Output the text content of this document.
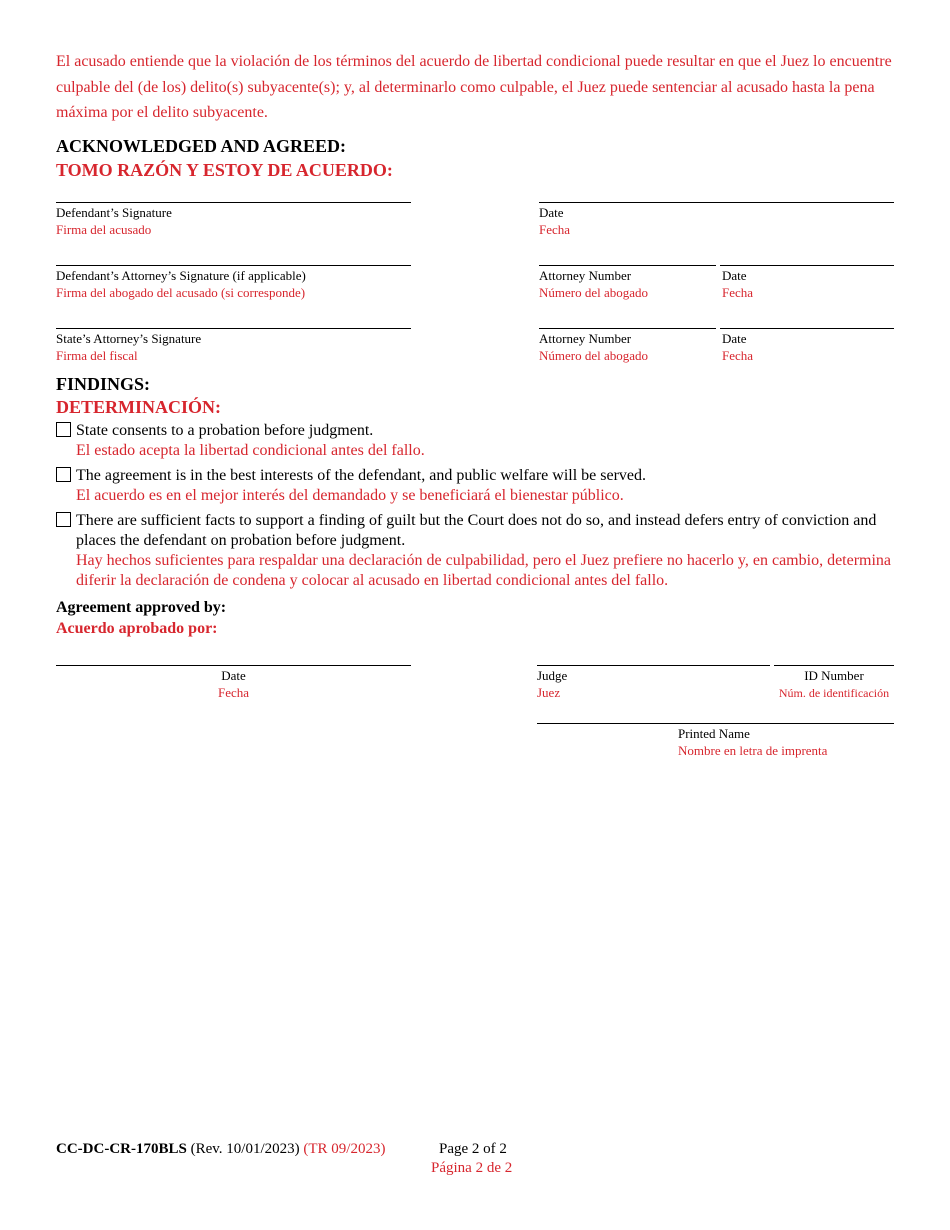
El acusado entiende que la violación de los términos del acuerdo de libertad condicional puede resultar en que el Juez lo encuentre culpable del (de los) delito(s) subyacente(s); y, al determinarlo como culpable, el Juez puede sentenciar al acusado hasta la pena máxima por el delito subyacente.
ACKNOWLEDGED AND AGREED:
TOMO RAZÓN Y ESTOY DE ACUERDO:
Defendant’s Signature
Firma del acusado
Date
Fecha
Defendant’s Attorney’s Signature (if applicable)
Firma del abogado del acusado (si corresponde)
Attorney Number
Número del abogado
Date
Fecha
State’s Attorney’s Signature
Firma del fiscal
Attorney Number
Número del abogado
Date
Fecha
FINDINGS:
DETERMINACIÓN:
State consents to a probation before judgment.
El estado acepta la libertad condicional antes del fallo.
The agreement is in the best interests of the defendant, and public welfare will be served.
El acuerdo es en el mejor interés del demandado y se beneficiará el bienestar público.
There are sufficient facts to support a finding of guilt but the Court does not do so, and instead defers entry of conviction and places the defendant on probation before judgment.
Hay hechos suficientes para respaldar una declaración de culpabilidad, pero el Juez prefiere no hacerlo y, en cambio, determina diferir la declaración de condena y colocar al acusado en libertad condicional antes del fallo.
Agreement approved by:
Acuerdo aprobado por:
Date
Fecha
Judge
Juez
ID Number
Núm. de identificación
Printed Name
Nombre en letra de imprenta
CC-DC-CR-170BLS (Rev. 10/01/2023) (TR 09/2023)	Page 2 of 2
Página 2 de 2
